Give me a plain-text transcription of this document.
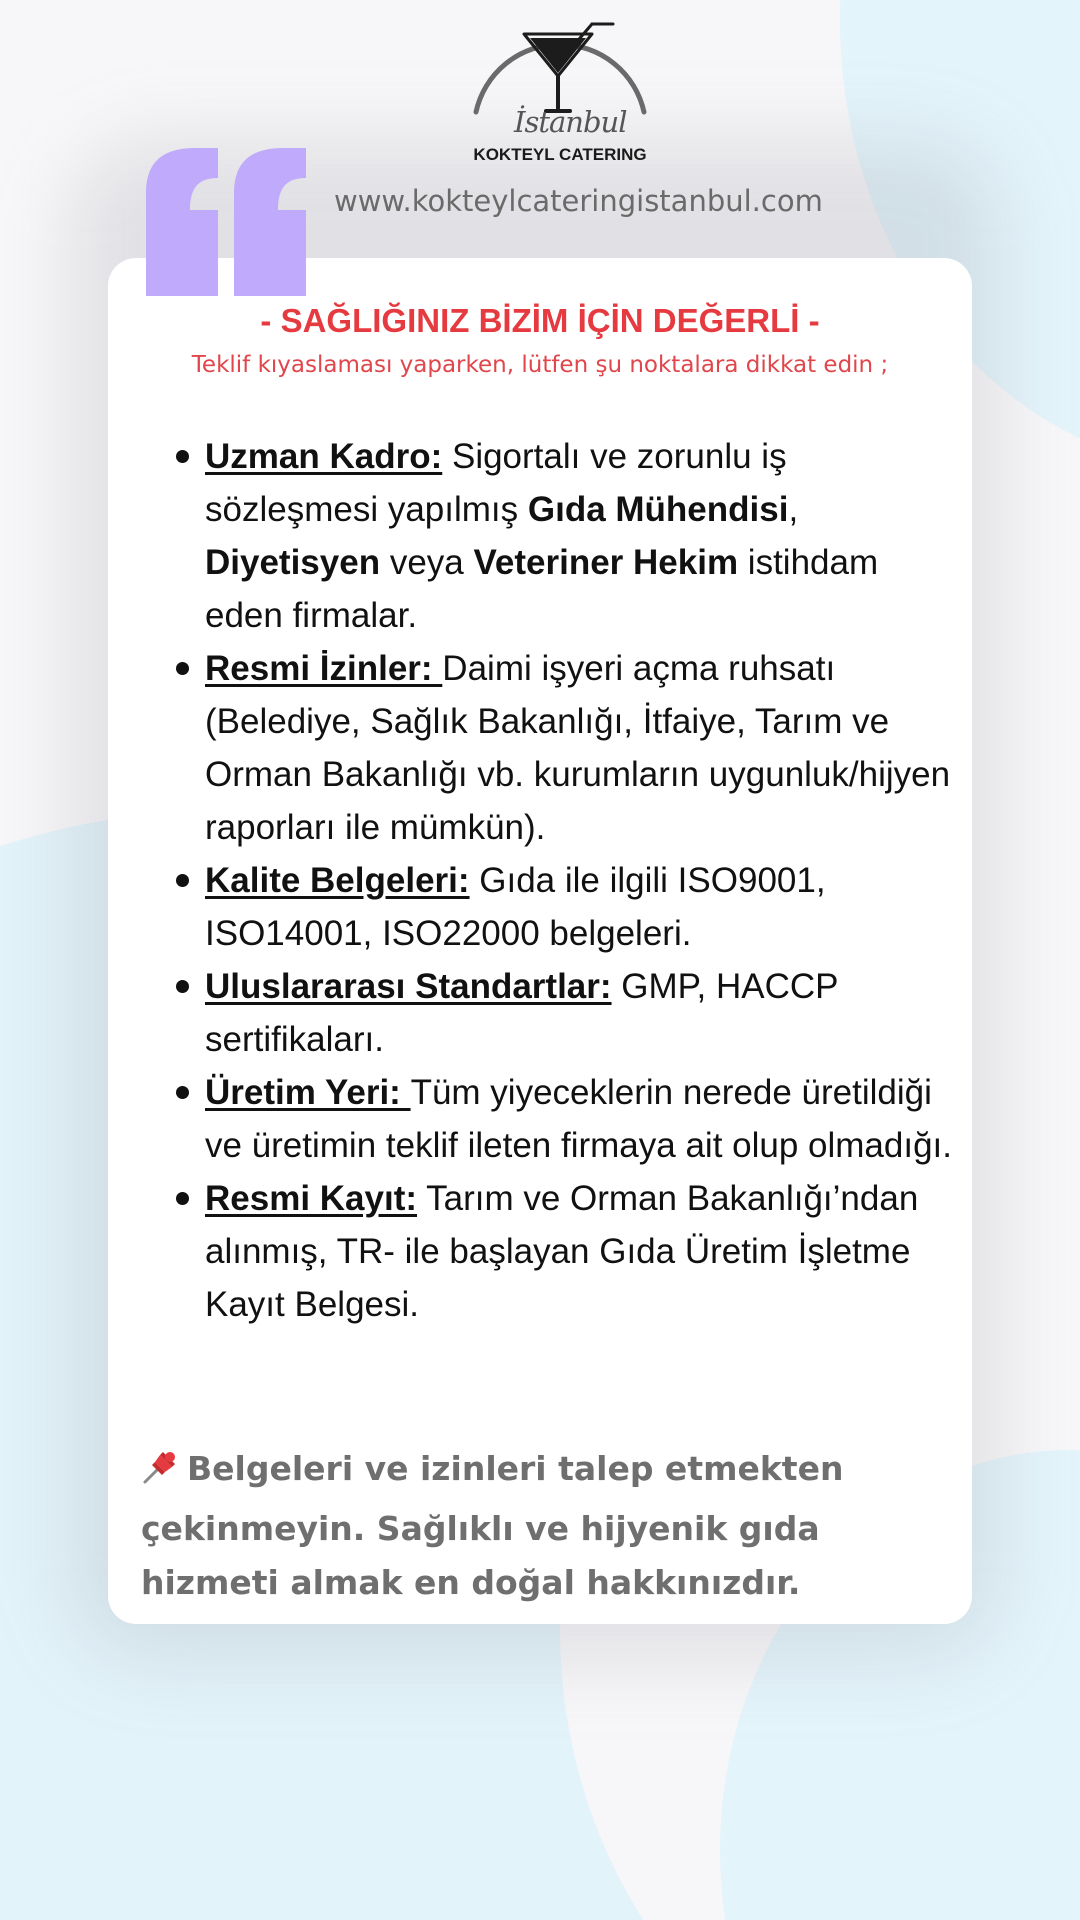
İstanbul
KOKTEYL CATERING
www.kokteylcateringistanbul.com
- SAĞLIĞINIZ BİZİM İÇİN DEĞERLİ -
Teklif kıyaslaması yaparken, lütfen şu noktalara dikkat edin ;
Uzman Kadro: Sigortalı ve zorunlu iş sözleşmesi yapılmış Gıda Mühendisi, Diyetisyen veya Veteriner Hekim istihdam eden firmalar.
Resmi İzinler: Daimi işyeri açma ruhsatı (Belediye, Sağlık Bakanlığı, İtfaiye, Tarım ve Orman Bakanlığı vb. kurumların uygunluk/hijyen raporları ile mümkün).
Kalite Belgeleri: Gıda ile ilgili ISO9001, ISO14001, ISO22000 belgeleri.
Uluslararası Standartlar: GMP, HACCP sertifikaları.
Üretim Yeri: Tüm yiyeceklerin nerede üretildiği ve üretimin teklif ileten firmaya ait olup olmadığı.
Resmi Kayıt: Tarım ve Orman Bakanlığı’ndan alınmış, TR- ile başlayan Gıda Üretim İşletme Kayıt Belgesi.
Belgeleri ve izinleri talep etmekten çekinmeyin. Sağlıklı ve hijyenik gıda hizmeti almak en doğal hakkınızdır.
